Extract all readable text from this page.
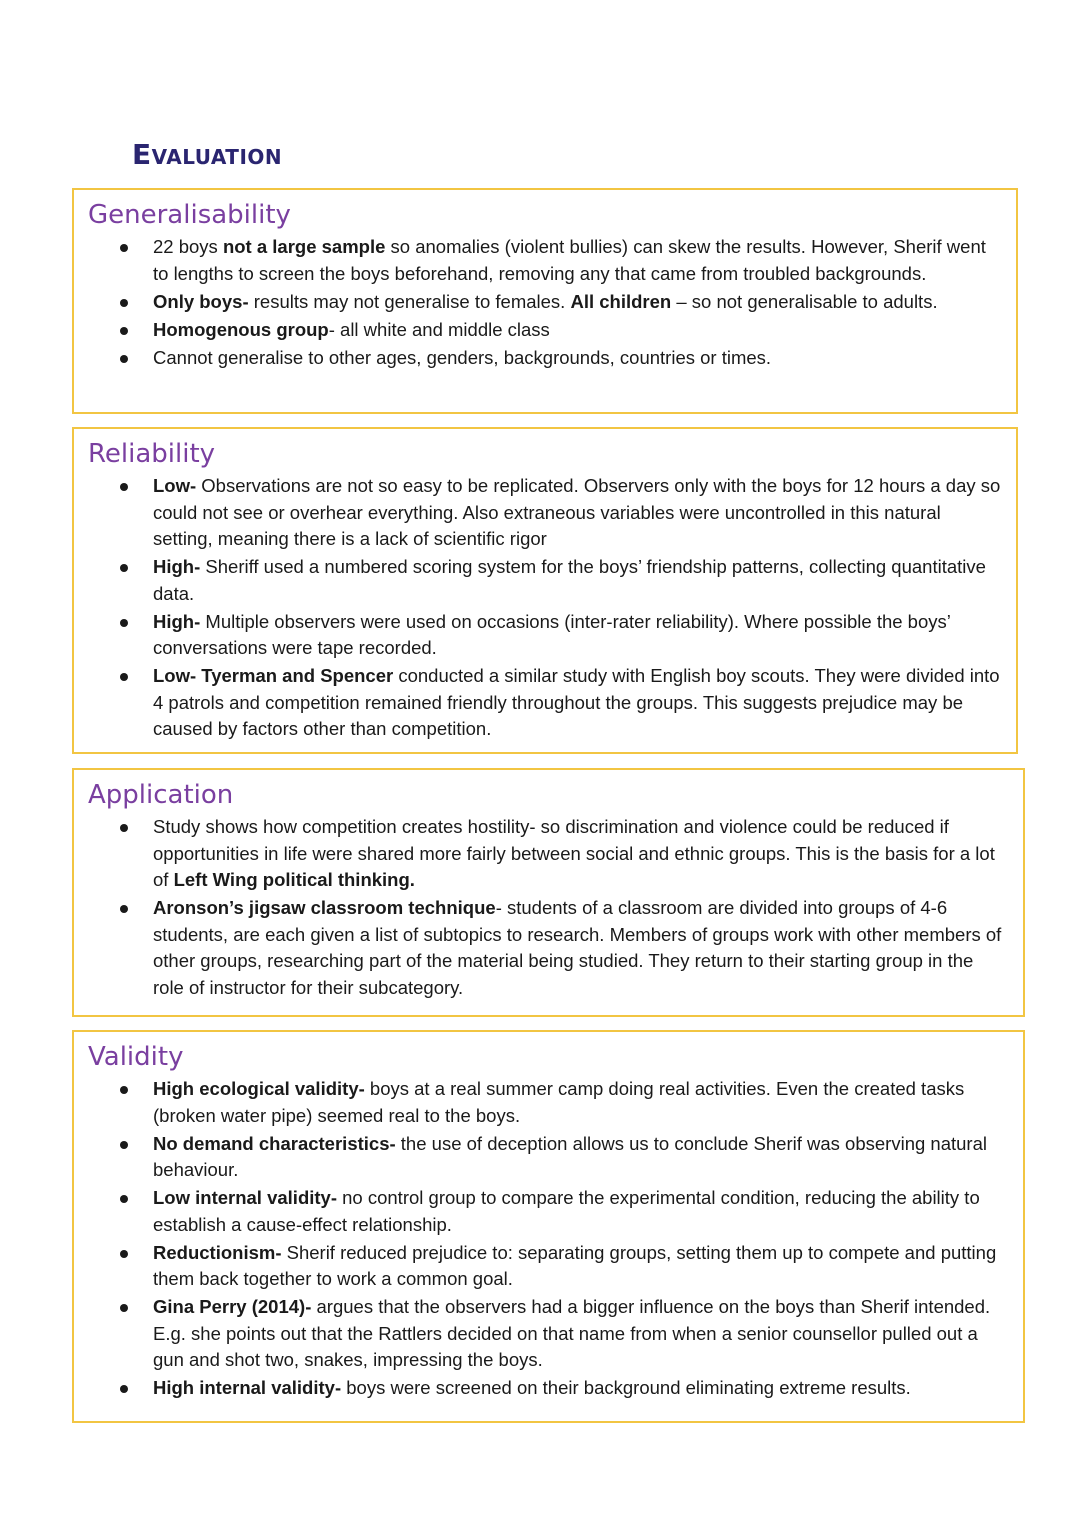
Evaluation
Generalisability
22 boys not a large sample so anomalies (violent bullies) can skew the results. However, Sherif went to lengths to screen the boys beforehand, removing any that came from troubled backgrounds.
Only boys- results may not generalise to females. All children – so not generalisable to adults.
Homogenous group- all white and middle class
Cannot generalise to other ages, genders, backgrounds, countries or times.
Reliability
Low- Observations are not so easy to be replicated. Observers only with the boys for 12 hours a day so could not see or overhear everything. Also extraneous variables were uncontrolled in this natural setting, meaning there is a lack of scientific rigor
High- Sheriff used a numbered scoring system for the boys’ friendship patterns, collecting quantitative data.
High- Multiple observers were used on occasions (inter-rater reliability). Where possible the boys’ conversations were tape recorded.
Low- Tyerman and Spencer conducted a similar study with English boy scouts. They were divided into 4 patrols and competition remained friendly throughout the groups. This suggests prejudice may be caused by factors other than competition.
Application
Study shows how competition creates hostility- so discrimination and violence could be reduced if opportunities in life were shared more fairly between social and ethnic groups. This is the basis for a lot of Left Wing political thinking.
Aronson’s jigsaw classroom technique- students of a classroom are divided into groups of 4-6 students, are each given a list of subtopics to research. Members of groups work with other members of other groups, researching part of the material being studied. They return to their starting group in the role of instructor for their subcategory.
Validity
High ecological validity- boys at a real summer camp doing real activities. Even the created tasks (broken water pipe) seemed real to the boys.
No demand characteristics- the use of deception allows us to conclude Sherif was observing natural behaviour.
Low internal validity- no control group to compare the experimental condition, reducing the ability to establish a cause-effect relationship.
Reductionism- Sherif reduced prejudice to: separating groups, setting them up to compete and putting them back together to work a common goal.
Gina Perry (2014)- argues that the observers had a bigger influence on the boys than Sherif intended. E.g. she points out that the Rattlers decided on that name from when a senior counsellor pulled out a gun and shot two, snakes, impressing the boys.
High internal validity- boys were screened on their background eliminating extreme results.
